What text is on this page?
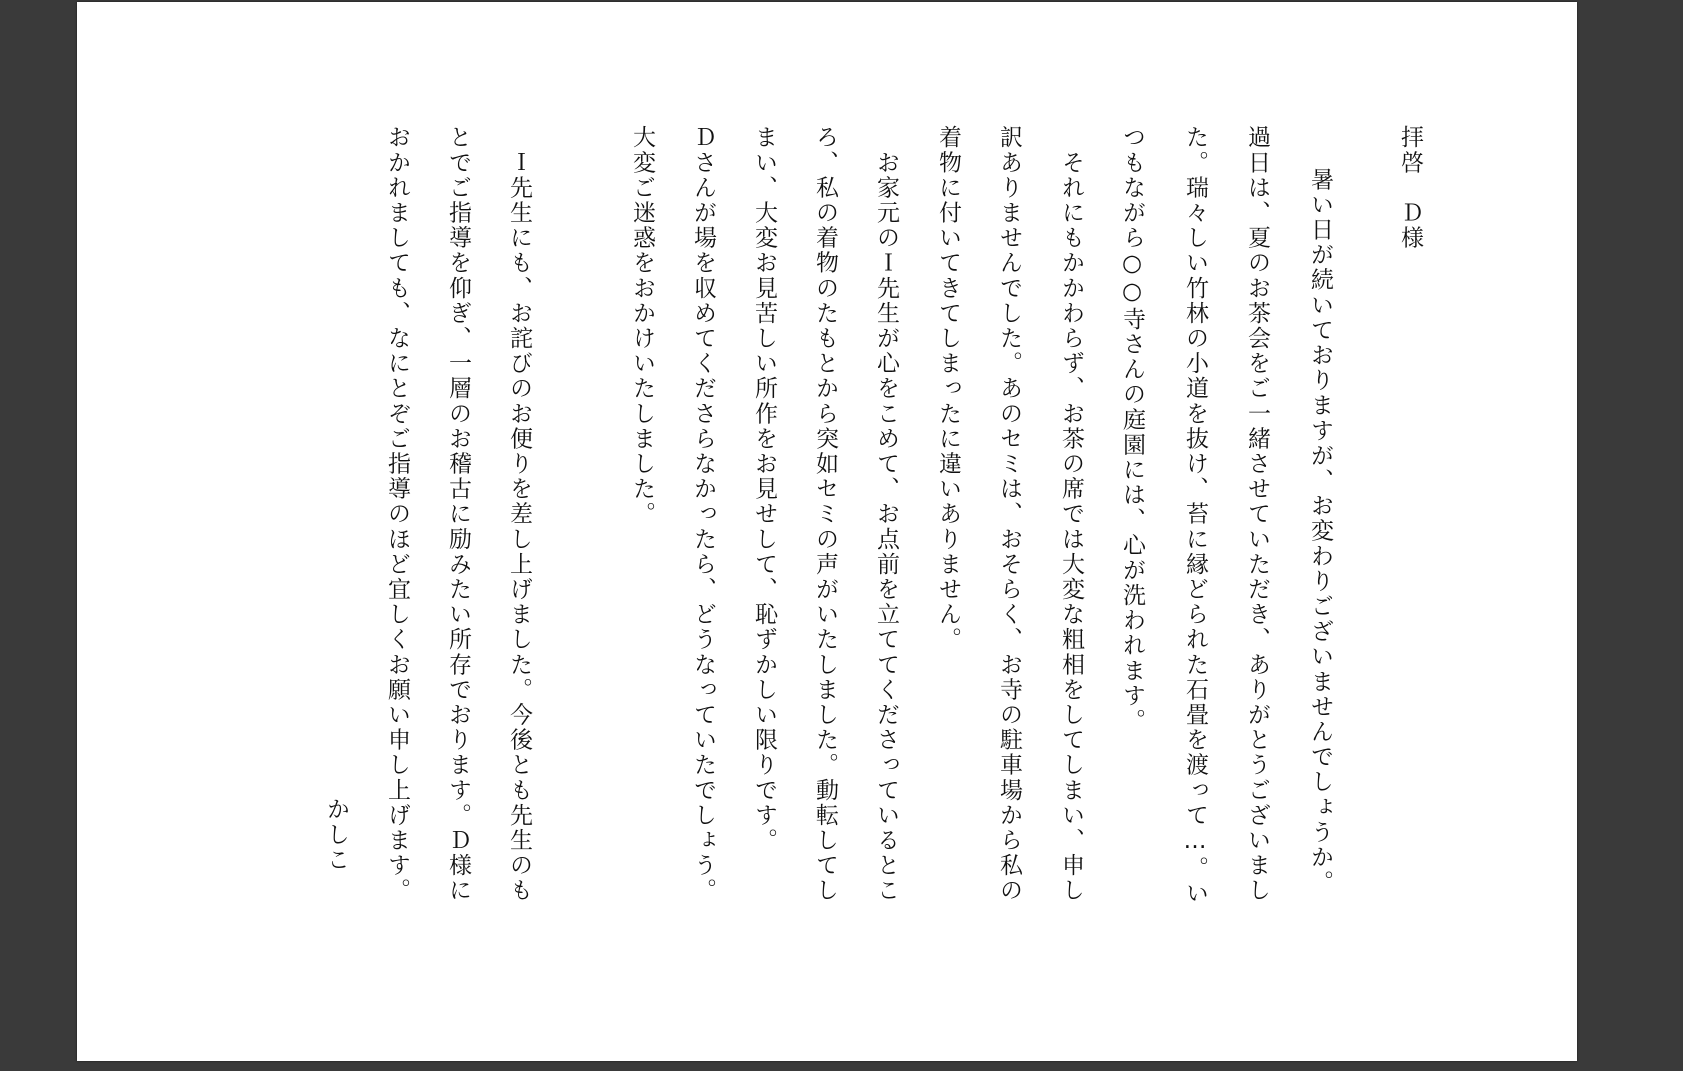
拝啓　Ｄ様

　暑い日が続いておりますが、お変わりございませんでしょうか。

過日は、夏のお茶会をご一緒させていただき、ありがとうございまし

た。瑞々しい竹林の小道を抜け、苔に縁どられた石畳を渡って…。い

つもながら○○寺さんの庭園には、心が洗われます。

　それにもかかわらず、お茶の席では大変な粗相をしてしまい、申し

訳ありませんでした。あのセミは、おそらく、お寺の駐車場から私の

着物に付いてきてしまったに違いありません。

　お家元のＩ先生が心をこめて、お点前を立ててくださっているとこ

ろ、私の着物のたもとから突如セミの声がいたしました。動転してし

まい、大変お見苦しい所作をお見せして、恥ずかしい限りです。

Ｄさんが場を収めてくださらなかったら、どうなっていたでしょう。

大変ご迷惑をおかけいたしました。

　Ｉ先生にも、お詫びのお便りを差し上げました。今後とも先生のも

とでご指導を仰ぎ、一層のお稽古に励みたい所存でおります。Ｄ様に

おかれましても、なにとぞご指導のほど宜しくお願い申し上げます。

かしこ
